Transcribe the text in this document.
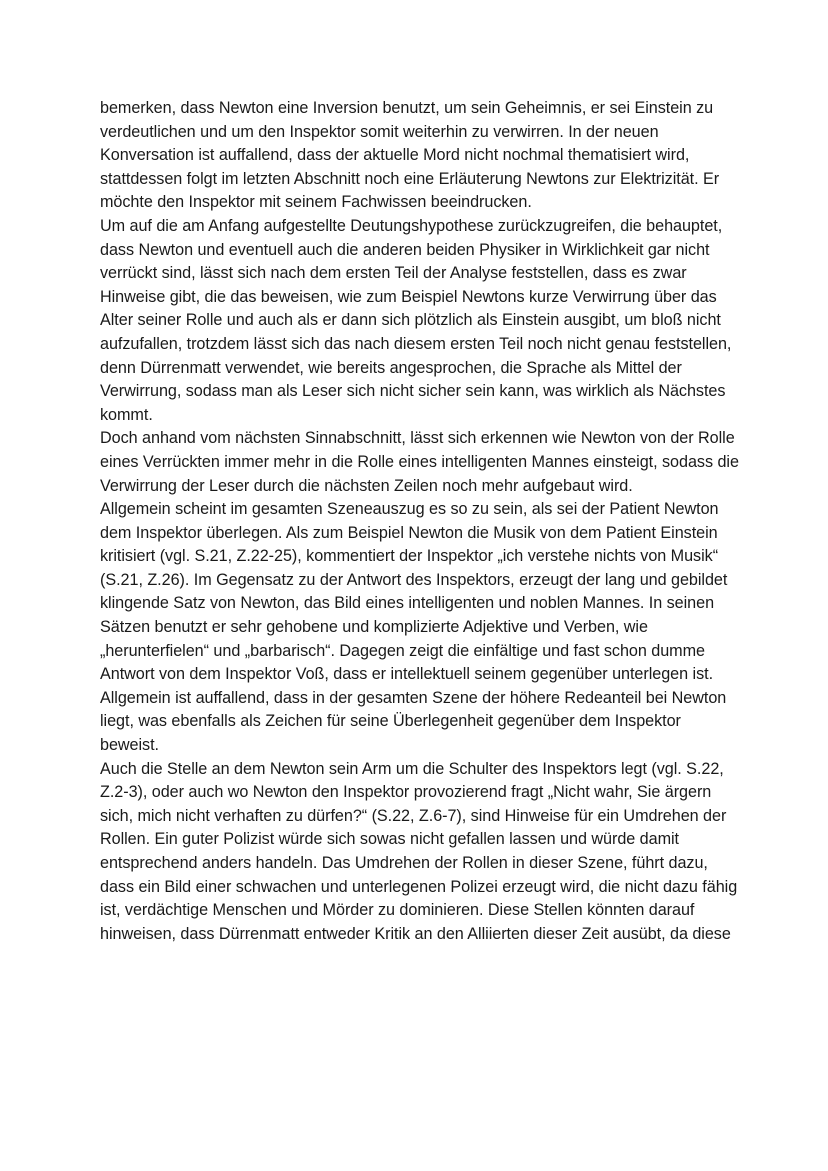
bemerken, dass Newton eine Inversion benutzt, um sein Geheimnis, er sei Einstein zu verdeutlichen und um den Inspektor somit weiterhin zu verwirren. In der neuen Konversation ist auffallend, dass der aktuelle Mord nicht nochmal thematisiert wird, stattdessen folgt im letzten Abschnitt noch eine Erläuterung Newtons zur Elektrizität. Er möchte den Inspektor mit seinem Fachwissen beeindrucken.

Um auf die am Anfang aufgestellte Deutungshypothese zurückzugreifen, die behauptet, dass Newton und eventuell auch die anderen beiden Physiker in Wirklichkeit gar nicht verrückt sind, lässt sich nach dem ersten Teil der Analyse feststellen, dass es zwar Hinweise gibt, die das beweisen, wie zum Beispiel Newtons kurze Verwirrung über das Alter seiner Rolle und auch als er dann sich plötzlich als Einstein ausgibt, um bloß nicht aufzufallen, trotzdem lässt sich das nach diesem ersten Teil noch nicht genau feststellen, denn Dürrenmatt verwendet, wie bereits angesprochen, die Sprache als Mittel der Verwirrung, sodass man als Leser sich nicht sicher sein kann, was wirklich als Nächstes kommt.

Doch anhand vom nächsten Sinnabschnitt, lässt sich erkennen wie Newton von der Rolle eines Verrückten immer mehr in die Rolle eines intelligenten Mannes einsteigt, sodass die Verwirrung der Leser durch die nächsten Zeilen noch mehr aufgebaut wird.

Allgemein scheint im gesamten Szeneauszug es so zu sein, als sei der Patient Newton dem Inspektor überlegen. Als zum Beispiel Newton die Musik von dem Patient Einstein kritisiert (vgl. S.21, Z.22-25), kommentiert der Inspektor „ich verstehe nichts von Musik“ (S.21, Z.26). Im Gegensatz zu der Antwort des Inspektors, erzeugt der lang und gebildet klingende Satz von Newton, das Bild eines intelligenten und noblen Mannes. In seinen Sätzen benutzt er sehr gehobene und komplizierte Adjektive und Verben, wie „herunterfielen“ und „barbarisch“. Dagegen zeigt die einfältige und fast schon dumme Antwort von dem Inspektor Voß, dass er intellektuell seinem gegenüber unterlegen ist. Allgemein ist auffallend, dass in der gesamten Szene der höhere Redeanteil bei Newton liegt, was ebenfalls als Zeichen für seine Überlegenheit gegenüber dem Inspektor beweist.

Auch die Stelle an dem Newton sein Arm um die Schulter des Inspektors legt (vgl. S.22, Z.2-3), oder auch wo Newton den Inspektor provozierend fragt „Nicht wahr, Sie ärgern sich, mich nicht verhaften zu dürfen?“ (S.22, Z.6-7), sind Hinweise für ein Umdrehen der Rollen. Ein guter Polizist würde sich sowas nicht gefallen lassen und würde damit entsprechend anders handeln. Das Umdrehen der Rollen in dieser Szene, führt dazu, dass ein Bild einer schwachen und unterlegenen Polizei erzeugt wird, die nicht dazu fähig ist, verdächtige Menschen und Mörder zu dominieren. Diese Stellen könnten darauf hinweisen, dass Dürrenmatt entweder Kritik an den Alliierten dieser Zeit ausübt, da diese
